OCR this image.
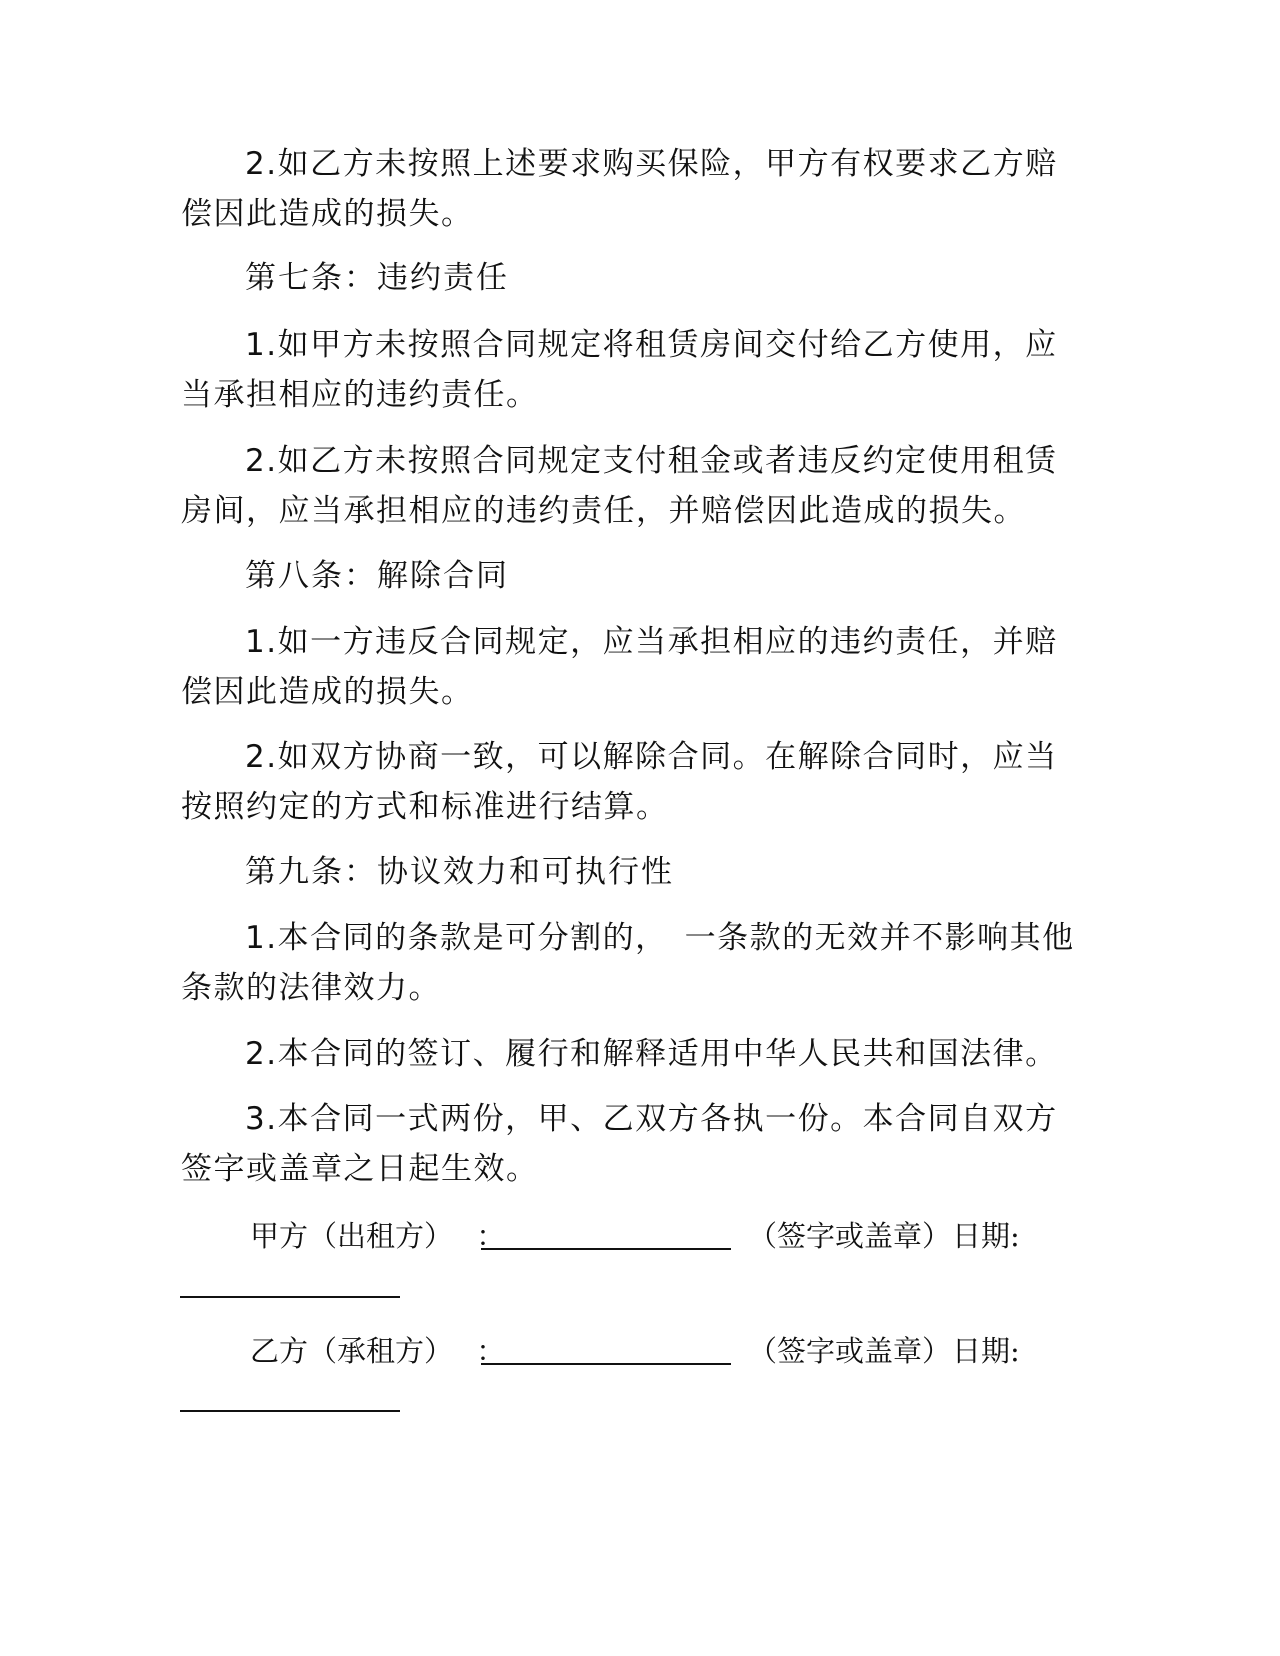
2.如乙方未按照上述要求购买保险，甲方有权要求乙方赔
偿因此造成的损失。
第七条：违约责任
1.如甲方未按照合同规定将租赁房间交付给乙方使用，应
当承担相应的违约责任。
2.如乙方未按照合同规定支付租金或者违反约定使用租赁
房间，应当承担相应的违约责任，并赔偿因此造成的损失。
第八条：解除合同
1.如一方违反合同规定，应当承担相应的违约责任，并赔
偿因此造成的损失。
2.如双方协商一致，可以解除合同。在解除合同时，应当
按照约定的方式和标准进行结算。
第九条：协议效力和可执行性
1.本合同的条款是可分割的，　一条款的无效并不影响其他
条款的法律效力。
2.本合同的签订、履行和解释适用中华人民共和国法律。
3.本合同一式两份，甲、乙双方各执一份。本合同自双方
签字或盖章之日起生效。
甲方（出租方） ：	（签字或盖章） 日期:
乙方（承租方） ：	（签字或盖章） 日期:
